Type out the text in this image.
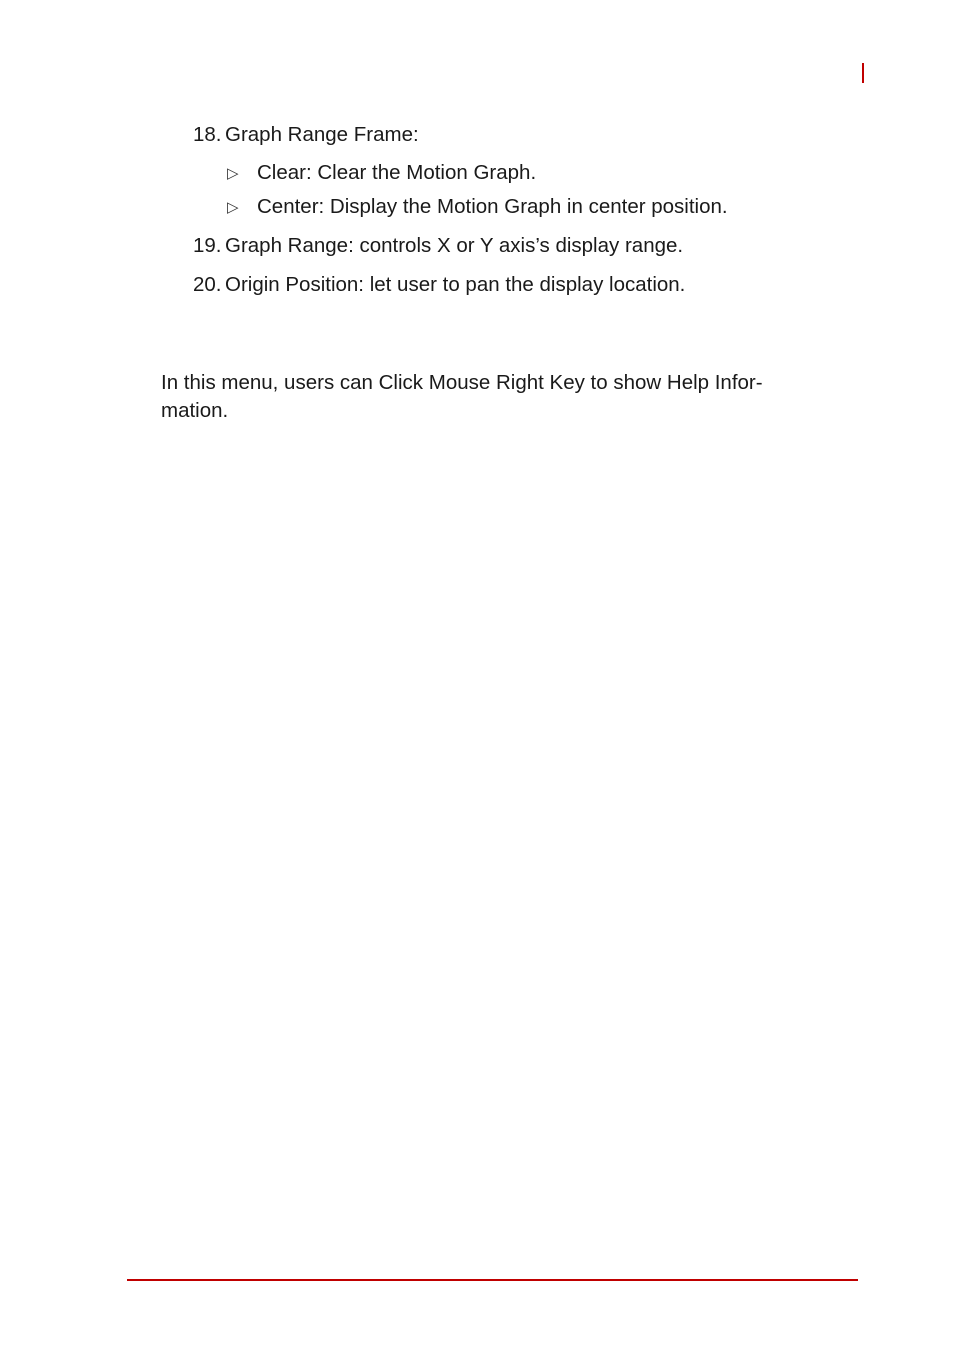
18. Graph Range Frame:
▷ Clear: Clear the Motion Graph.
▷ Center: Display the Motion Graph in center position.
19. Graph Range: controls X or Y axis’s display range.
20. Origin Position: let user to pan the display location.
In this menu, users can Click Mouse Right Key to show Help Infor-
mation.
